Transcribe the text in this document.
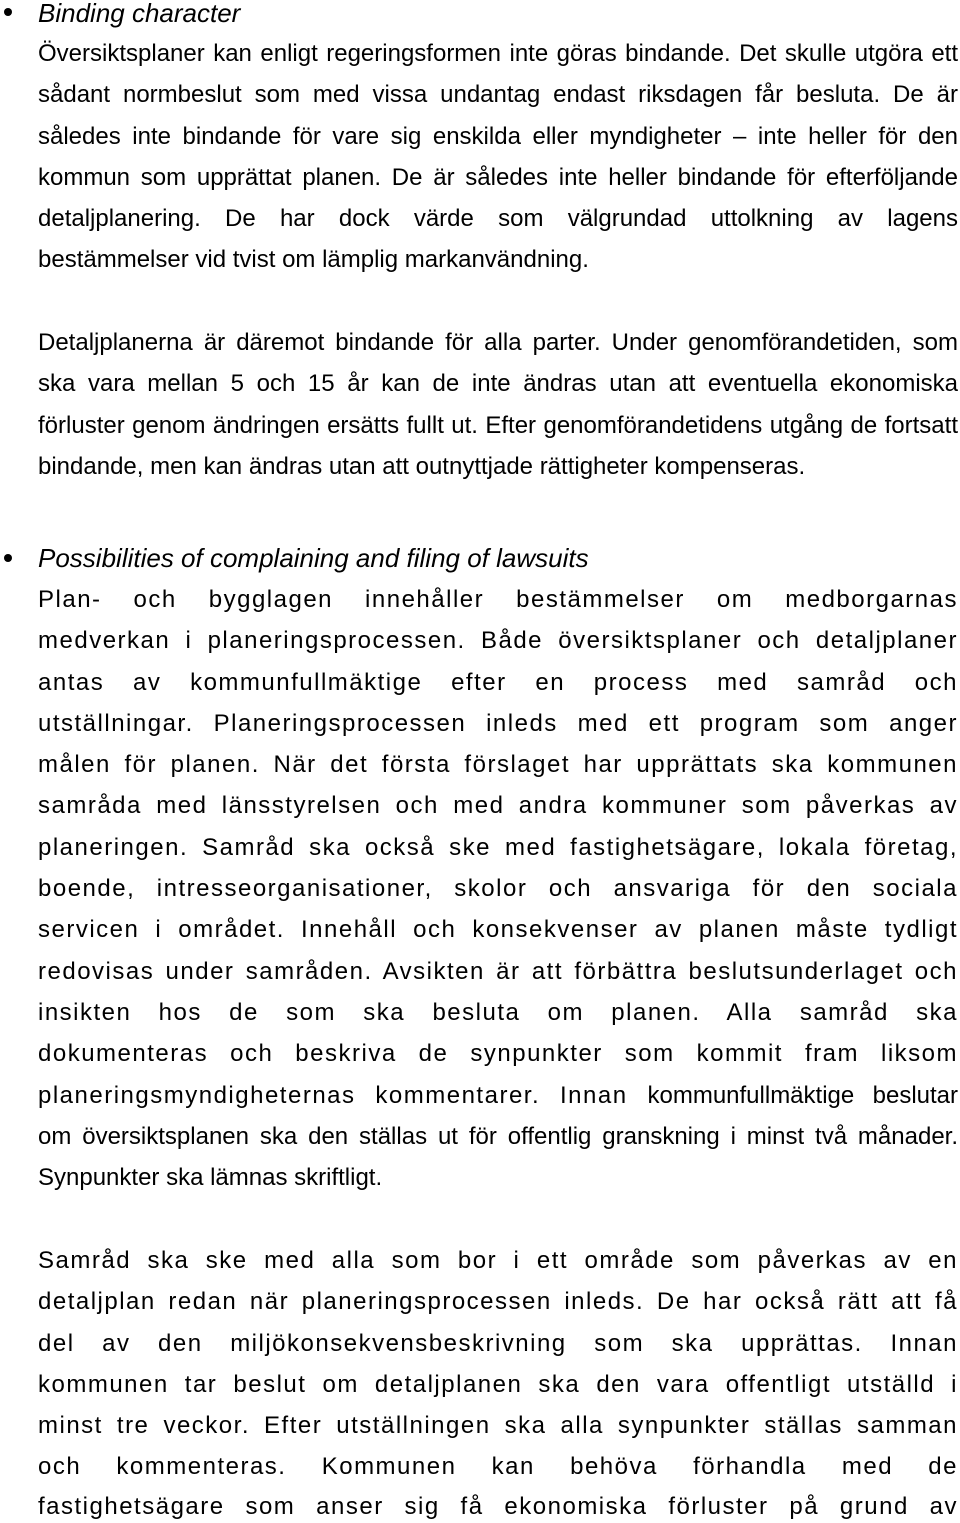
Binding character
Översiktsplaner kan enligt regeringsformen inte göras bindande. Det skulle utgöra ett
sådant normbeslut som med vissa undantag endast riksdagen får besluta. De är
således inte bindande för vare sig enskilda eller myndigheter – inte heller för den
kommun som upprättat planen. De är således inte heller bindande för efterföljande
detaljplanering. De har dock värde som välgrundad uttolkning av lagens
bestämmelser vid tvist om lämplig markanvändning.
Detaljplanerna är däremot bindande för alla parter. Under genomförandetiden, som
ska vara mellan 5 och 15 år kan de inte ändras utan att eventuella ekonomiska
förluster genom ändringen ersätts fullt ut. Efter genomförandetidens utgång de fortsatt
bindande, men kan ändras utan att outnyttjade rättigheter kompenseras.
Possibilities of complaining and filing of lawsuits
Plan- och bygglagen innehåller bestämmelser om medborgarnas
medverkan i planeringsprocessen. Både översiktsplaner och detaljplaner
antas av kommunfullmäktige efter en process med samråd och
utställningar. Planeringsprocessen inleds med ett program som anger
målen för planen. När det första förslaget har upprättats ska kommunen
samråda med länsstyrelsen och med andra kommuner som påverkas av
planeringen. Samråd ska också ske med fastighetsägare, lokala företag,
boende, intresseorganisationer, skolor och ansvariga för den sociala
servicen i området. Innehåll och konsekvenser av planen måste tydligt
redovisas under samråden. Avsikten är att förbättra beslutsunderlaget och
insikten hos de som ska besluta om planen. Alla samråd ska
dokumenteras och beskriva de synpunkter som kommit fram liksom
planeringsmyndigheternas kommentarer. Innan kommunfullmäktige beslutar
om översiktsplanen ska den ställas ut för offentlig granskning i minst två månader.
Synpunkter ska lämnas skriftligt.
Samråd ska ske med alla som bor i ett område som påverkas av en
detaljplan redan när planeringsprocessen inleds. De har också rätt att få
del av den miljökonsekvensbeskrivning som ska upprättas. Innan
kommunen tar beslut om detaljplanen ska den vara offentligt utställd i
minst tre veckor. Efter utställningen ska alla synpunkter ställas samman
och kommenteras. Kommunen kan behöva förhandla med de
fastighetsägare som anser sig få ekonomiska förluster på grund av
